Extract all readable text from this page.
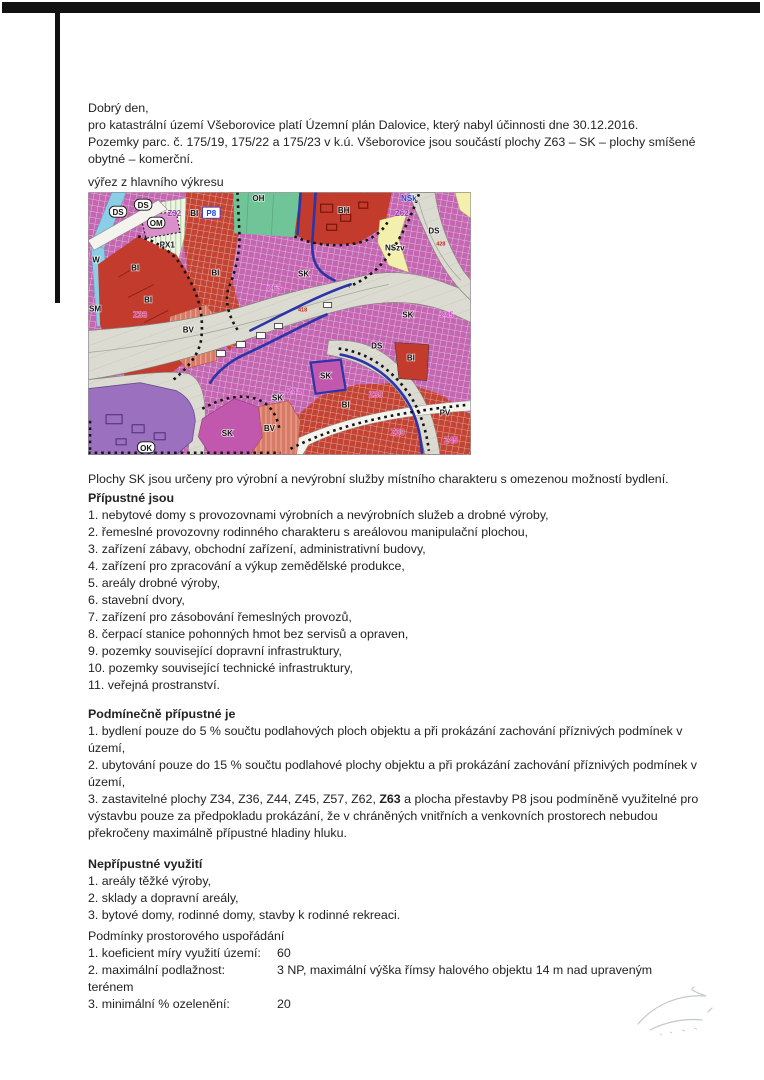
Dobrý den,

pro katastrální území Všeborovice platí Územní plán Dalovice, který nabyl účinnosti dne 30.12.2016.

Pozemky parc. č. 175/19, 175/22 a 175/23 v k.ú. Všeborovice jsou součástí plochy Z63 – SK – plochy smíšené

obytné – komerční.

výřez z hlavního výkresu

DS
DS
OM
Z32 BI P8
OH
BH
NSk
Z62
DS
NSzv
PX1
W
BI
BI	SK
Z63
BI
Z33
SM
SK	Z45
BV
DS
BI
SK
SK
Z44
BI
Z39
Z39
PV
SK
BV
OK
Z45
428
418

Plochy SK jsou určeny pro výrobní a nevýrobní služby místního charakteru s omezenou možností bydlení.

Přípustné jsou

1. nebytové domy s provozovnami výrobních a nevýrobních služeb a drobné výroby,

2. řemeslné provozovny rodinného charakteru s areálovou manipulační plochou,

3. zařízení zábavy, obchodní zařízení, administrativní budovy,

4. zařízení pro zpracování a výkup zemědělské produkce,

5. areály drobné výroby,

6. stavební dvory,

7. zařízení pro zásobování řemeslných provozů,

8. čerpací stanice pohonných hmot bez servisů a opraven,

9. pozemky související dopravní infrastruktury,

10. pozemky související technické infrastruktury,

11. veřejná prostranství.

Podmínečně přípustné je

1. bydlení pouze do 5 % součtu podlahových ploch objektu a při prokázání zachování příznivých podmínek v

území,

2. ubytování pouze do 15 % součtu podlahové plochy objektu a při prokázání zachování příznivých podmínek v

území,

3. zastavitelné plochy Z34, Z36, Z44, Z45, Z57, Z62, Z63 a plocha přestavby P8 jsou podmíněně využitelné pro

výstavbu pouze za předpokladu prokázání, že v chráněných vnitřních a venkovních prostorech nebudou

překročeny maximálně přípustné hladiny hluku.

Nepřípustné využití

1. areály těžké výroby,

2. sklady a dopravní areály,

3. bytové domy, rodinné domy, stavby k rodinné rekreaci.

Podmínky prostorového uspořádání

1. koeficient míry využití území: 60

2. maximální podlažnost:	3 NP, maximální výška římsy halového objektu 14 m nad upraveným

terénem

3. minimální % ozelenění:	20
